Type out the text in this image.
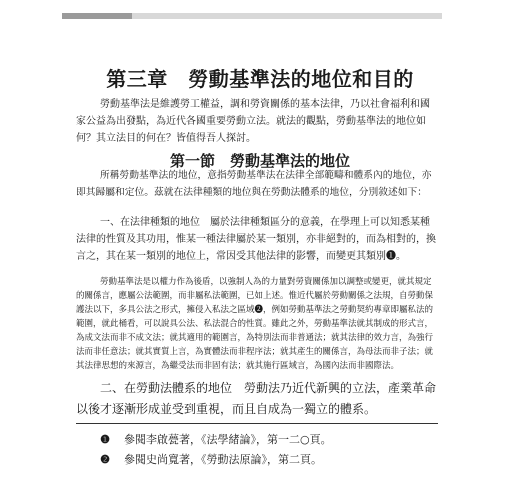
第三章　勞動基準法的地位和目的

勞動基準法是維護勞工權益，調和勞資關係的基本法律，乃以社會福利和國家公益為出發點，為近代各國重要勞動立法。就法的觀點，勞動基準法的地位如何？其立法目的何在？皆值得吾人探討。

第一節　勞動基準法的地位

所稱勞動基準法的地位，意指勞動基準法在法律全部範疇和體系內的地位，亦即其歸屬和定位。茲就在法律種類的地位與在勞動法體系的地位，分別敘述如下：

一、在法律種類的地位　屬於法律種類區分的意義，在學理上可以知悉某種法律的性質及其功用，惟某一種法律屬於某一類別，亦非絕對的，而為相對的，換言之，其在某一類別的地位上，常因受其他法律的影響，而變更其類別❶。

勞動基準法是以權力作為後盾，以強制人為的力量對勞資關係加以調整或變更，就其規定的關係言，應屬公法範圍，而非屬私法範圍，已如上述。惟近代屬於勞動關係之法規，自勞動保護法以下，多具公法之形式，擁侵入私法之區域❷，例如勞動基準法之勞動契約專章即屬私法的範圍，就此桶看，可以說具公法、私法混合的性質。雖此之外，勞動基準法就其制成的形式言，為成文法而非不成文法；就其適用的範圍言，為特別法而非普通法；就其法律的效力言，為強行法而非任意法；就其實質上言，為實體法而非程序法；就其產生的關係言，為母法而非子法；就其法律思想的來源言，為繼受法而非固有法；就其施行區域言，為國內法而非國際法。

二、在勞動法體系的地位　勞動法乃近代新興的立法，產業革命以後才逐漸形成並受到重視，而且自成為一獨立的體系。

❶ 參閱李啟甍著，《法學緒論》，第一二○頁。
❷ 參閱史尚寬著，《勞動法原論》，第二頁。
